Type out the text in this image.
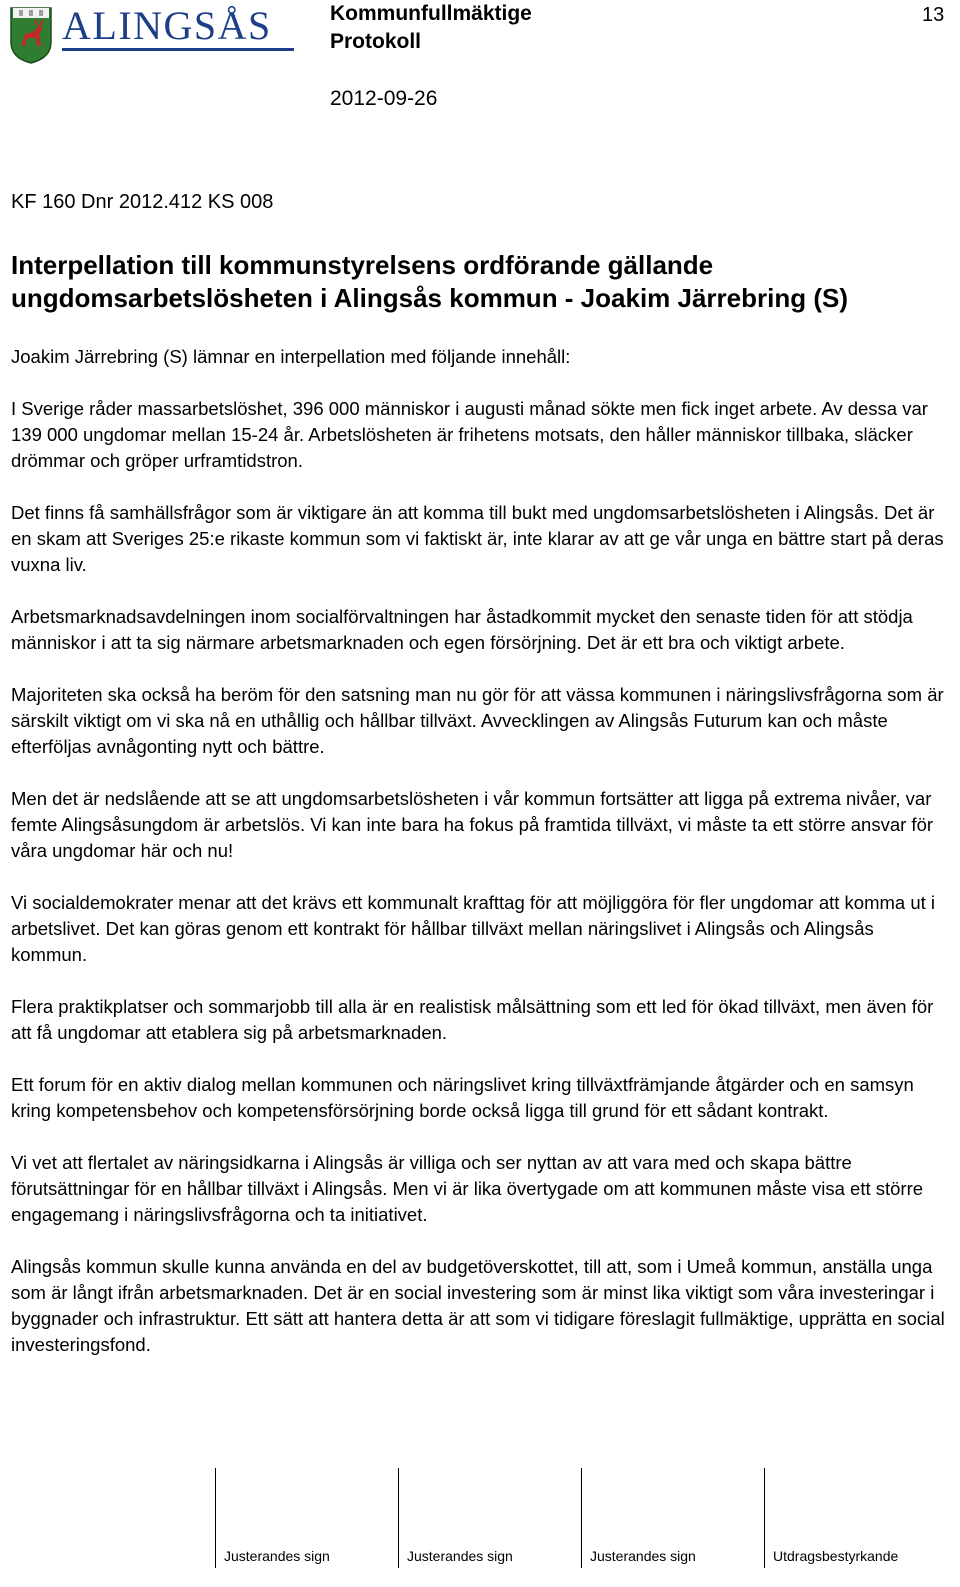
ALINGSÅS	Kommunfullmäktige
Protokoll
2012-09-26
13
KF 160 Dnr 2012.412 KS 008
Interpellation till kommunstyrelsens ordförande gällande ungdomsarbetslösheten i Alingsås kommun - Joakim Järrebring (S)
Joakim Järrebring (S) lämnar en interpellation med följande innehåll:

I Sverige råder massarbetslöshet, 396 000 människor i augusti månad sökte men fick inget arbete. Av dessa var 139 000 ungdomar mellan 15-24 år. Arbetslösheten är frihetens motsats, den håller människor tillbaka, släcker drömmar och gröper urframtidstron.

Det finns få samhällsfrågor som är viktigare än att komma till bukt med ungdomsarbetslösheten i Alingsås. Det är en skam att Sveriges 25:e rikaste kommun som vi faktiskt är, inte klarar av att ge vår unga en bättre start på deras vuxna liv.

Arbetsmarknadsavdelningen inom socialförvaltningen har åstadkommit mycket den senaste tiden för att stödja människor i att ta sig närmare arbetsmarknaden och egen försörjning. Det är ett bra och viktigt arbete.

Majoriteten ska också ha beröm för den satsning man nu gör för att vässa kommunen i näringslivsfrågorna som är särskilt viktigt om vi ska nå en uthållig och hållbar tillväxt. Avvecklingen av Alingsås Futurum kan och måste efterföljas avnågonting nytt och bättre.

Men det är nedslående att se att ungdomsarbetslösheten i vår kommun fortsätter att ligga på extrema nivåer, var femte Alingsåsungdom är arbetslös. Vi kan inte bara ha fokus på framtida tillväxt, vi måste ta ett större ansvar för våra ungdomar här och nu!

Vi socialdemokrater menar att det krävs ett kommunalt krafttag för att möjliggöra för fler ungdomar att komma ut i arbetslivet. Det kan göras genom ett kontrakt för hållbar tillväxt mellan näringslivet i Alingsås och Alingsås kommun.

Flera praktikplatser och sommarjobb till alla är en realistisk målsättning som ett led för ökad tillväxt, men även för att få ungdomar att etablera sig på arbetsmarknaden.

Ett forum för en aktiv dialog mellan kommunen och näringslivet kring tillväxtfrämjande åtgärder och en samsyn kring kompetensbehov och kompetensförsörjning borde också ligga till grund för ett sådant kontrakt.

Vi vet att flertalet av näringsidkarna i Alingsås är villiga och ser nyttan av att vara med och skapa bättre förutsättningar för en hållbar tillväxt i Alingsås. Men vi är lika övertygade om att kommunen måste visa ett större engagemang i näringslivsfrågorna och ta initiativet.

Alingsås kommun skulle kunna använda en del av budgetöverskottet, till att, som i Umeå kommun, anställa unga som är långt ifrån arbetsmarknaden. Det är en social investering som är minst lika viktigt som våra investeringar i byggnader och infrastruktur. Ett sätt att hantera detta är att som vi tidigare föreslagit fullmäktige, upprätta en social investeringsfond.

Justerandes sign	Justerandes sign	Justerandes sign	Utdragsbestyrkande
